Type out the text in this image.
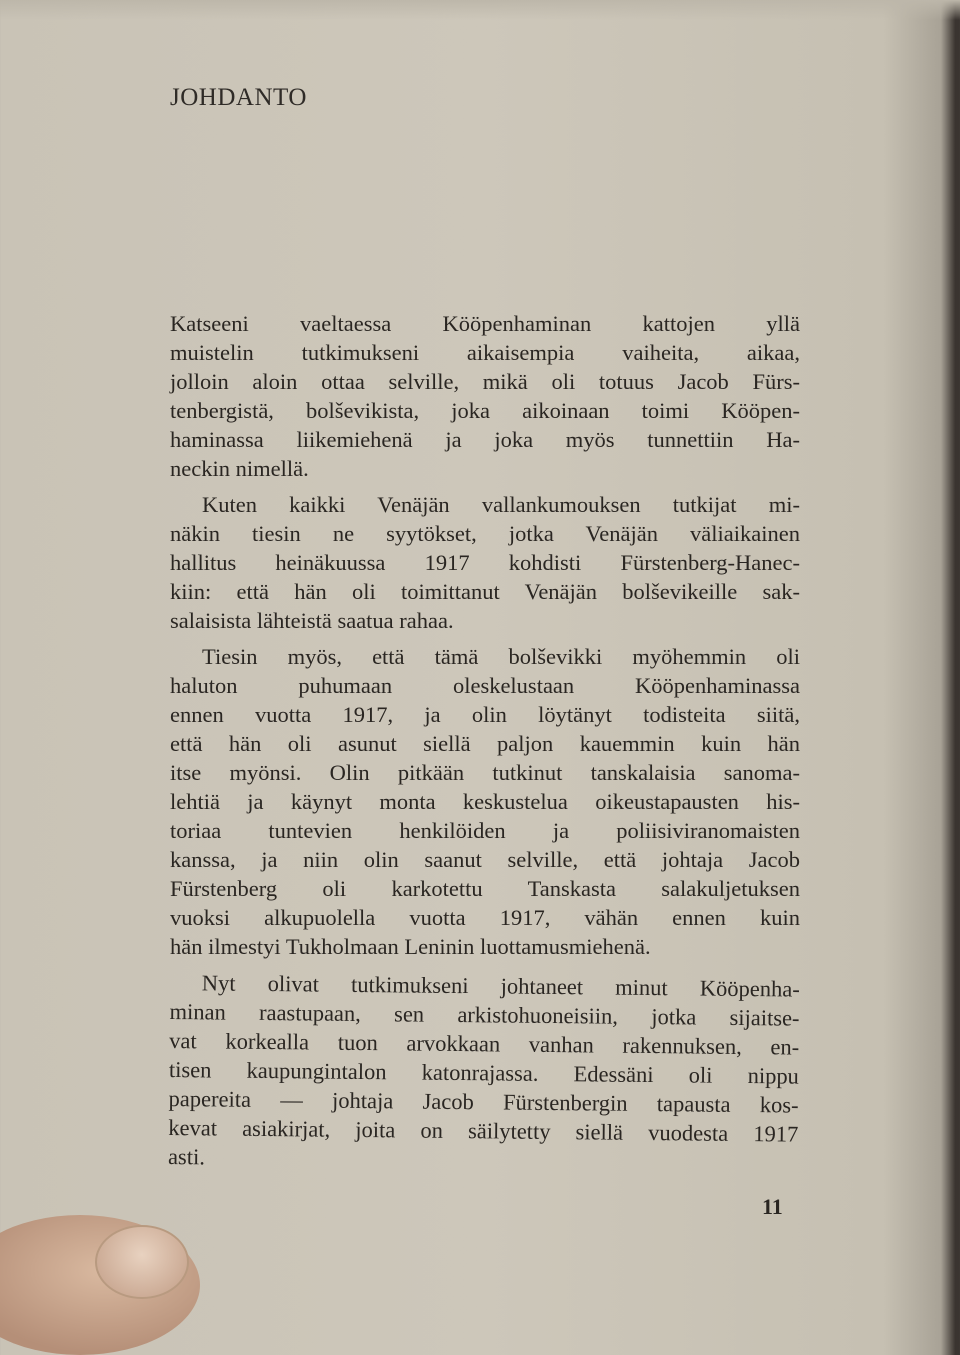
JOHDANTO
Katseeni vaeltaessa Kööpenhaminan kattojen yllä
muistelin tutkimukseni aikaisempia vaiheita, aikaa,
jolloin aloin ottaa selville, mikä oli totuus Jacob Fürs-
tenbergistä, bolševikista, joka aikoinaan toimi Kööpen-
haminassa liikemiehenä ja joka myös tunnettiin Ha-
neckin nimellä.
Kuten kaikki Venäjän vallankumouksen tutkijat mi-
näkin tiesin ne syytökset, jotka Venäjän väliaikainen
hallitus heinäkuussa 1917 kohdisti Fürstenberg-Hanec-
kiin: että hän oli toimittanut Venäjän bolševikeille sak-
salaisista lähteistä saatua rahaa.
Tiesin myös, että tämä bolševikki myöhemmin oli
haluton puhumaan oleskelustaan Kööpenhaminassa
ennen vuotta 1917, ja olin löytänyt todisteita siitä,
että hän oli asunut siellä paljon kauemmin kuin hän
itse myönsi. Olin pitkään tutkinut tanskalaisia sanoma-
lehtiä ja käynyt monta keskustelua oikeustapausten his-
toriaa tuntevien henkilöiden ja poliisiviranomaisten
kanssa, ja niin olin saanut selville, että johtaja Jacob
Fürstenberg oli karkotettu Tanskasta salakuljetuksen
vuoksi alkupuolella vuotta 1917, vähän ennen kuin
hän ilmestyi Tukholmaan Leninin luottamusmiehenä.
Nyt olivat tutkimukseni johtaneet minut Kööpenha-
minan raastupaan, sen arkistohuoneisiin, jotka sijaitse-
vat korkealla tuon arvokkaan vanhan rakennuksen, en-
tisen kaupungintalon katonrajassa. Edessäni oli nippu
papereita — johtaja Jacob Fürstenbergin tapausta kos-
kevat asiakirjat, joita on säilytetty siellä vuodesta 1917
asti.
11
